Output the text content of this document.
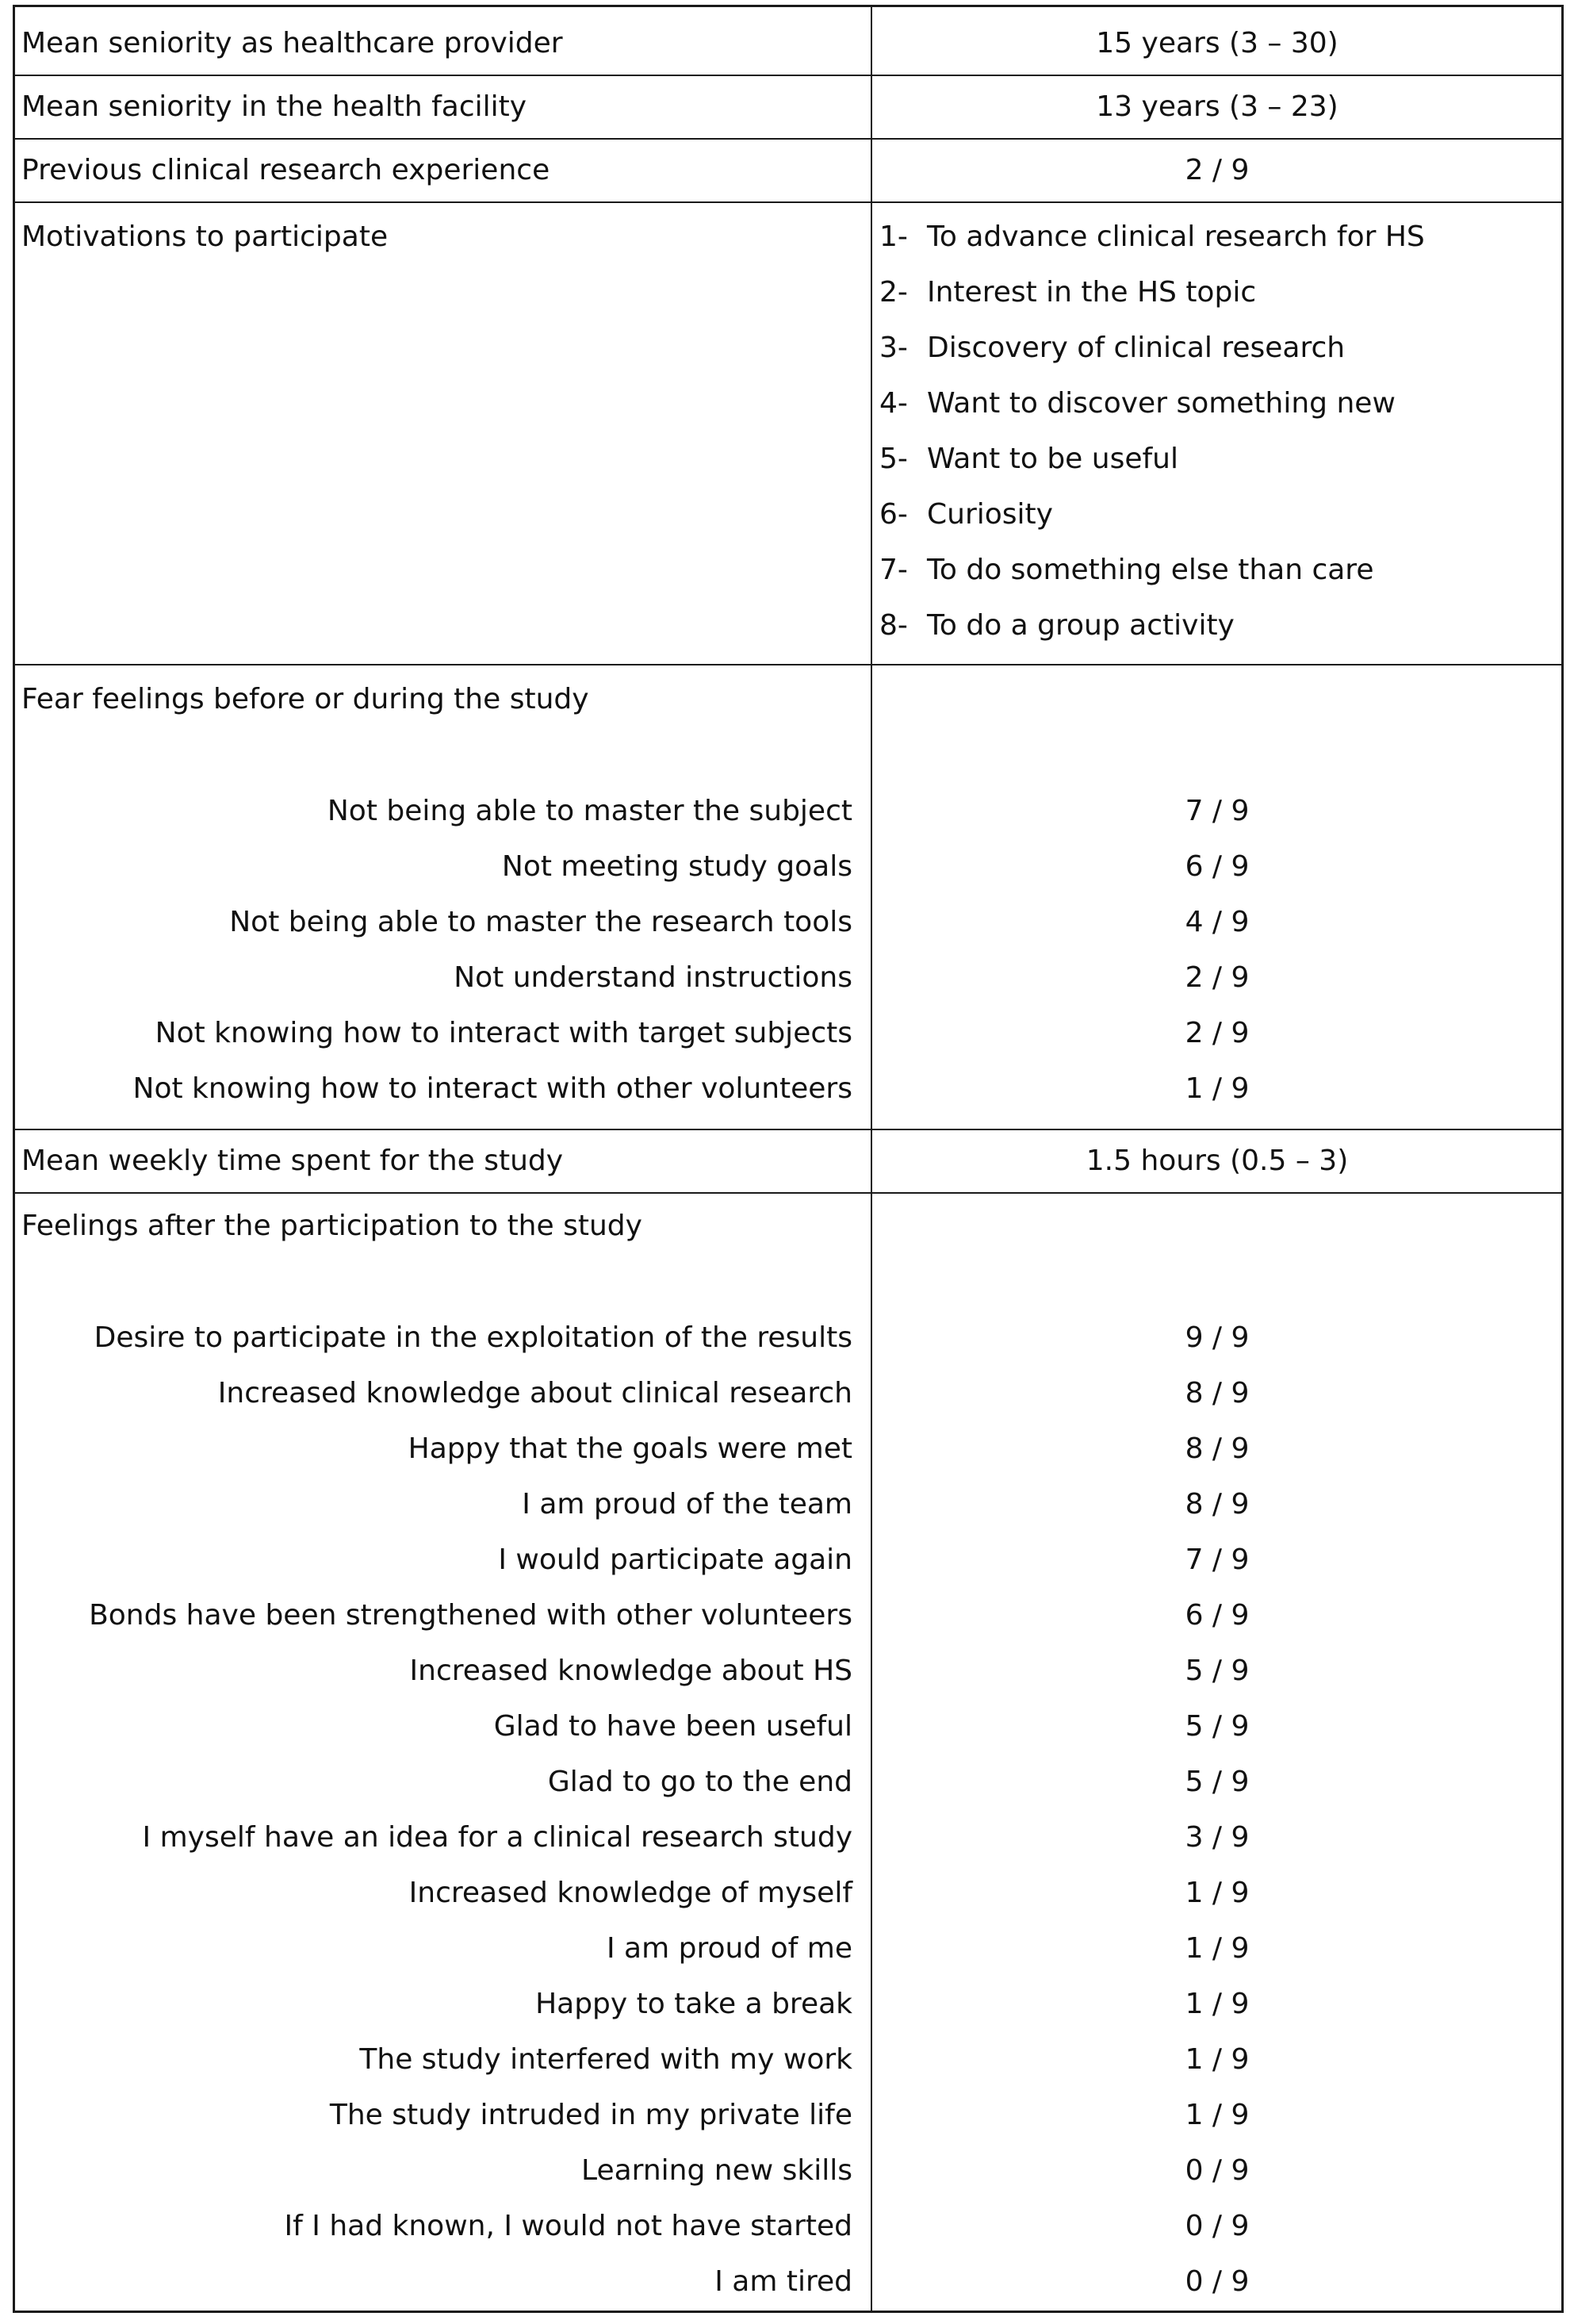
Mean seniority as healthcare provider	15 years (3 – 30)
Mean seniority in the health facility	13 years (3 – 23)
Previous clinical research experience	2 / 9
Motivations to participate	1- To advance clinical research for HS
2- Interest in the HS topic
3- Discovery of clinical research
4- Want to discover something new
5- Want to be useful
6- Curiosity
7- To do something else than care
8- To do a group activity
Fear feelings before or during the study
Not being able to master the subject	7 / 9
Not meeting study goals	6 / 9
Not being able to master the research tools	4 / 9
Not understand instructions	2 / 9
Not knowing how to interact with target subjects	2 / 9
Not knowing how to interact with other volunteers	1 / 9
Mean weekly time spent for the study	1.5 hours (0.5 – 3)
Feelings after the participation to the study
Desire to participate in the exploitation of the results	9 / 9
Increased knowledge about clinical research	8 / 9
Happy that the goals were met	8 / 9
I am proud of the team	8 / 9
I would participate again	7 / 9
Bonds have been strengthened with other volunteers	6 / 9
Increased knowledge about HS	5 / 9
Glad to have been useful	5 / 9
Glad to go to the end	5 / 9
I myself have an idea for a clinical research study	3 / 9
Increased knowledge of myself	1 / 9
I am proud of me	1 / 9
Happy to take a break	1 / 9
The study interfered with my work	1 / 9
The study intruded in my private life	1 / 9
Learning new skills	0 / 9
If I had known, I would not have started	0 / 9
I am tired	0 / 9
